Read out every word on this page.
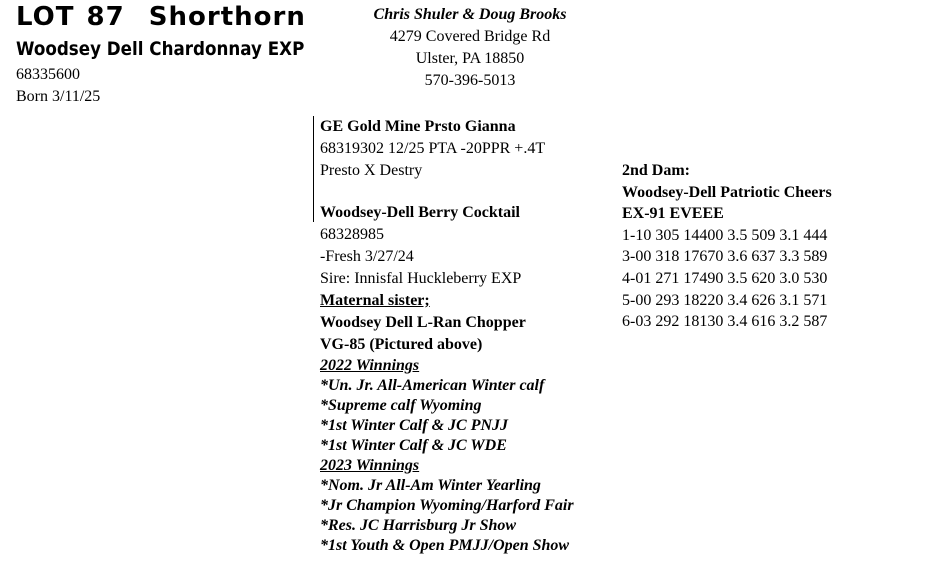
LOT 87 Shorthorn
Woodsey Dell Chardonnay EXP
68335600
Born 3/11/25
Chris Shuler & Doug Brooks
4279 Covered Bridge Rd
Ulster, PA 18850
570-396-5013
GE Gold Mine Prsto Gianna
68319302 12/25 PTA -20PPR +.4T
Presto X Destry
Woodsey-Dell Berry Cocktail
68328985
-Fresh 3/27/24
Sire: Innisfal Huckleberry EXP
Maternal sister;
Woodsey Dell L-Ran Chopper
VG-85 (Pictured above)
2022 Winnings
*Un. Jr. All-American Winter calf
*Supreme calf Wyoming
*1st Winter Calf & JC PNJJ
*1st Winter Calf & JC WDE
2023 Winnings
*Nom. Jr All-Am Winter Yearling
*Jr Champion Wyoming/Harford Fair
*Res. JC Harrisburg Jr Show
*1st Youth & Open PMJJ/Open Show
2nd Dam:
Woodsey-Dell Patriotic Cheers
EX-91 EVEEE
1-10 305 14400 3.5 509 3.1 444
3-00 318 17670 3.6 637 3.3 589
4-01 271 17490 3.5 620 3.0 530
5-00 293 18220 3.4 626 3.1 571
6-03 292 18130 3.4 616 3.2 587
